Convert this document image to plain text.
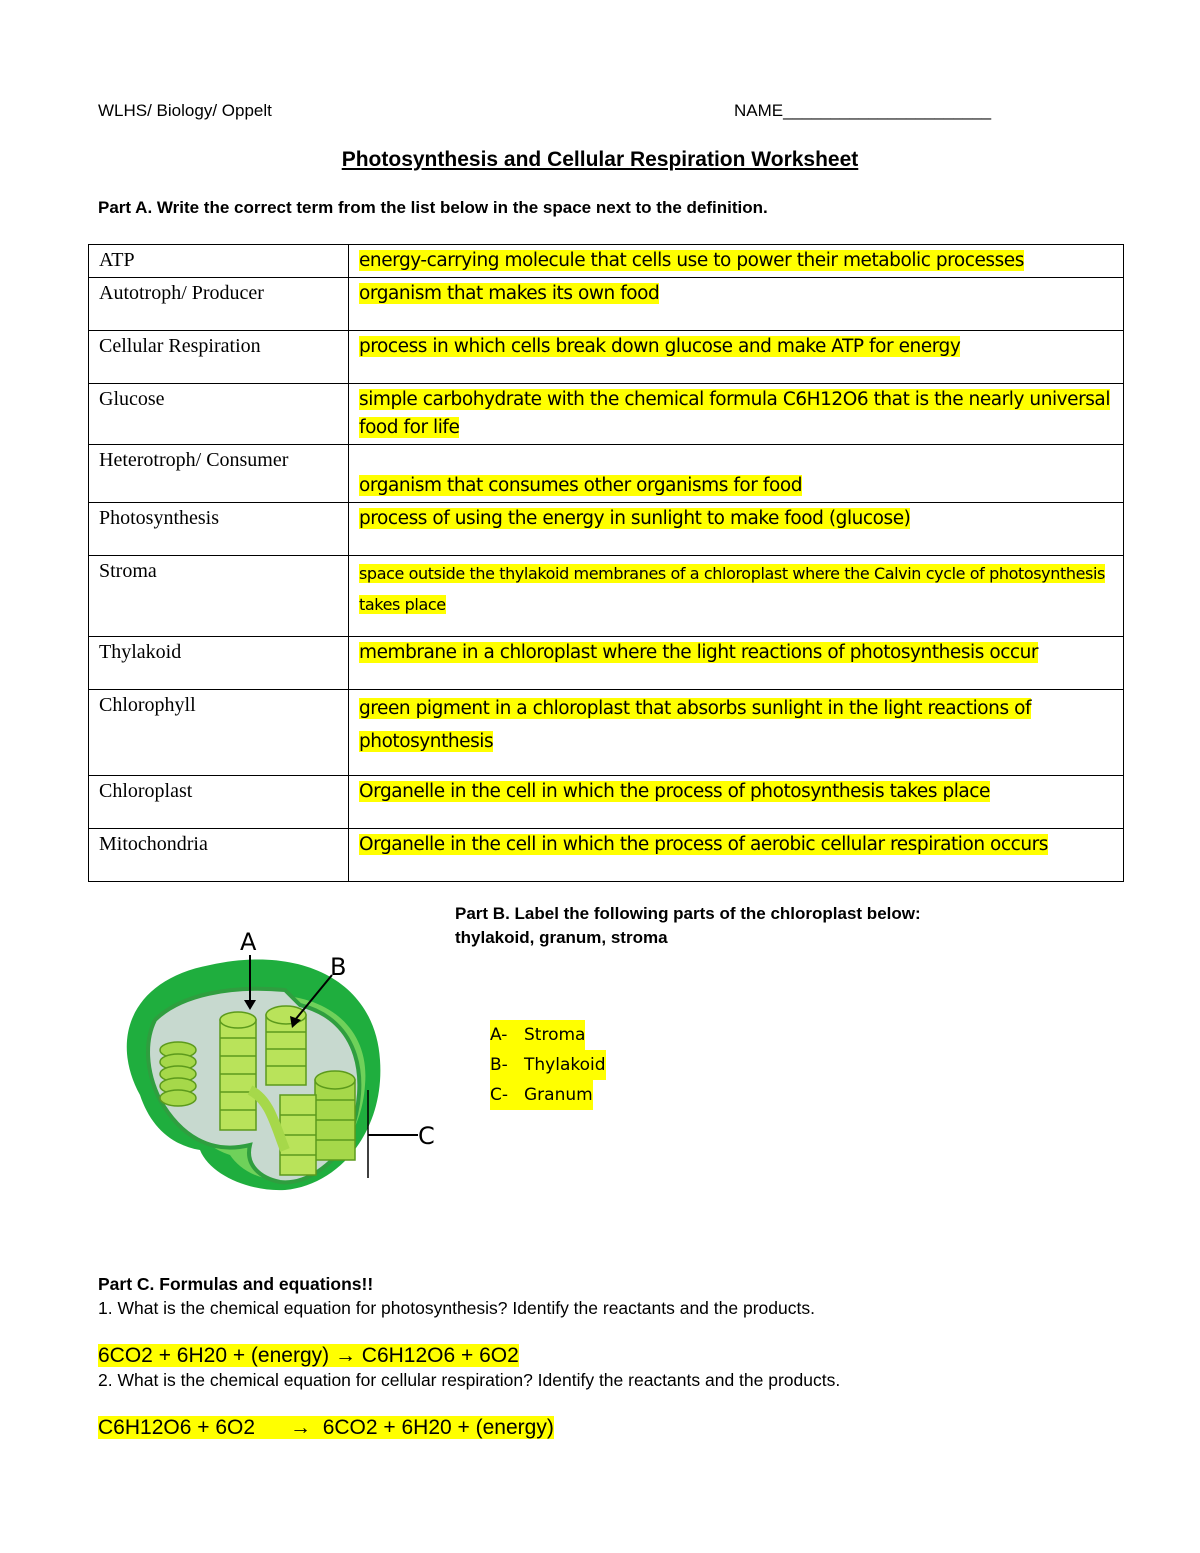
WLHS/ Biology/ Oppelt	NAME______________________
Photosynthesis and Cellular Respiration Worksheet
Part A. Write the correct term from the list below in the space next to the definition.
ATP	energy-carrying molecule that cells use to power their metabolic processes
Autotroph/ Producer	organism that makes its own food
Cellular Respiration	process in which cells break down glucose and make ATP for energy
Glucose	simple carbohydrate with the chemical formula C6H12O6 that is the nearly universal food for life
Heterotroph/ Consumer	organism that consumes other organisms for food
Photosynthesis	process of using the energy in sunlight to make food (glucose)
Stroma	space outside the thylakoid membranes of a chloroplast where the Calvin cycle of photosynthesis takes place
Thylakoid	membrane in a chloroplast where the light reactions of photosynthesis occur
Chlorophyll	green pigment in a chloroplast that absorbs sunlight in the light reactions of photosynthesis
Chloroplast	Organelle in the cell in which the process of photosynthesis takes place
Mitochondria	Organelle in the cell in which the process of aerobic cellular respiration occurs
A
B
C
Part B. Label the following parts of the chloroplast below:
thylakoid, granum, stroma
A- Stroma
B- Thylakoid
C- Granum
Part C. Formulas and equations!!
1. What is the chemical equation for photosynthesis? Identify the reactants and the products.
6CO2 + 6H20 + (energy) → C6H12O6 + 6O2
2. What is the chemical equation for cellular respiration? Identify the reactants and the products.
C6H12O6 + 6O2 →  6CO2 + 6H20 + (energy)
